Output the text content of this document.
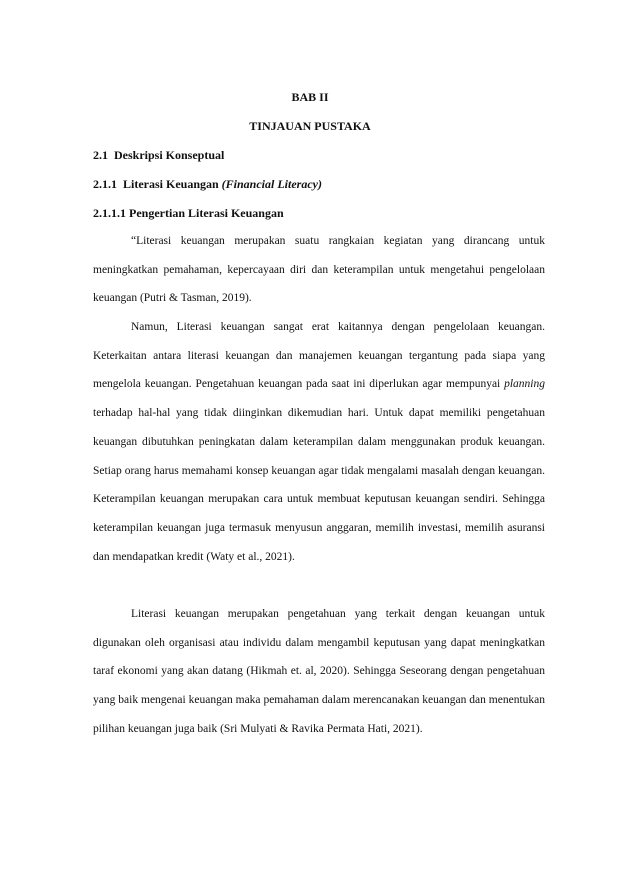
BAB II
TINJAUAN PUSTAKA
2.1 Deskripsi Konseptual
2.1.1 Literasi Keuangan (Financial Literacy)
2.1.1.1 Pengertian Literasi Keuangan

“Literasi keuangan merupakan suatu rangkaian kegiatan yang dirancang untuk meningkatkan pemahaman, kepercayaan diri dan keterampilan untuk mengetahui pengelolaan keuangan (Putri & Tasman, 2019).

Namun, Literasi keuangan sangat erat kaitannya dengan pengelolaan keuangan. Keterkaitan antara literasi keuangan dan manajemen keuangan tergantung pada siapa yang mengelola keuangan. Pengetahuan keuangan pada saat ini diperlukan agar mempunyai planning terhadap hal-hal yang tidak diinginkan dikemudian hari. Untuk dapat memiliki pengetahuan keuangan dibutuhkan peningkatan dalam keterampilan dalam menggunakan produk keuangan. Setiap orang harus memahami konsep keuangan agar tidak mengalami masalah dengan keuangan. Keterampilan keuangan merupakan cara untuk membuat keputusan keuangan sendiri. Sehingga keterampilan keuangan juga termasuk menyusun anggaran, memilih investasi, memilih asuransi dan mendapatkan kredit (Waty et al., 2021).

Literasi keuangan merupakan pengetahuan yang terkait dengan keuangan untuk digunakan oleh organisasi atau individu dalam mengambil keputusan yang dapat meningkatkan taraf ekonomi yang akan datang (Hikmah et. al, 2020). Sehingga Seseorang dengan pengetahuan yang baik mengenai keuangan maka pemahaman dalam merencanakan keuangan dan menentukan pilihan keuangan juga baik (Sri Mulyati & Ravika Permata Hati, 2021).
